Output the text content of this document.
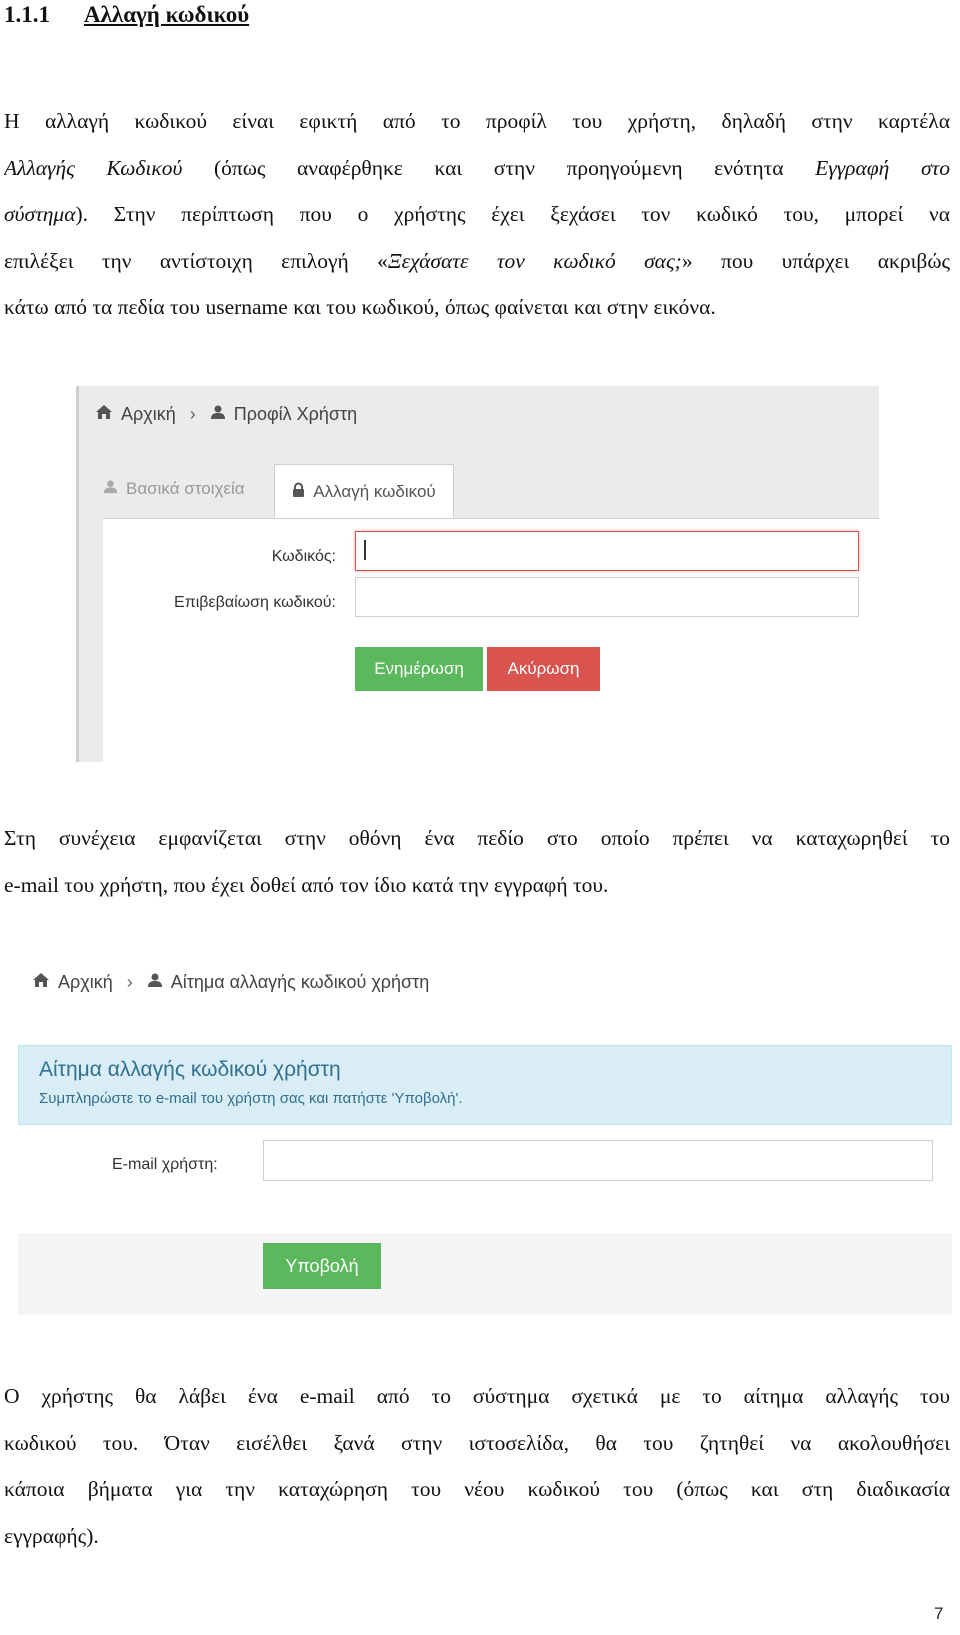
1.1.1 Αλλαγή κωδικού
Η αλλαγή κωδικού είναι εφικτή από το προφίλ του χρήστη, δηλαδή στην καρτέλα
Αλλαγής Κωδικού (όπως αναφέρθηκε και στην προηγούμενη ενότητα Εγγραφή στο
σύστημα). Στην περίπτωση που ο χρήστης έχει ξεχάσει τον κωδικό του, μπορεί να
επιλέξει την αντίστοιχη επιλογή «Ξεχάσατε τον κωδικό σας;» που υπάρχει ακριβώς
κάτω από τα πεδία του username και του κωδικού, όπως φαίνεται και στην εικόνα.
Αρχική › Προφίλ Χρήστη
Βασικά στοιχεία	Αλλαγή κωδικού
Κωδικός:
Επιβεβαίωση κωδικού:
Ενημέρωση	Ακύρωση
Στη συνέχεια εμφανίζεται στην οθόνη ένα πεδίο στο οποίο πρέπει να καταχωρηθεί το
e-mail του χρήστη, που έχει δοθεί από τον ίδιο κατά την εγγραφή του.
Αρχική › Αίτημα αλλαγής κωδικού χρήστη
Αίτημα αλλαγής κωδικού χρήστη
Συμπληρώστε το e-mail του χρήστη σας και πατήστε 'Υποβολή'.
E-mail χρήστη:
Υποβολή
Ο χρήστης θα λάβει ένα e-mail από το σύστημα σχετικά με το αίτημα αλλαγής του
κωδικού του. Όταν εισέλθει ξανά στην ιστοσελίδα, θα του ζητηθεί να ακολουθήσει
κάποια βήματα για την καταχώρηση του νέου κωδικού του (όπως και στη διαδικασία
εγγραφής).
7
